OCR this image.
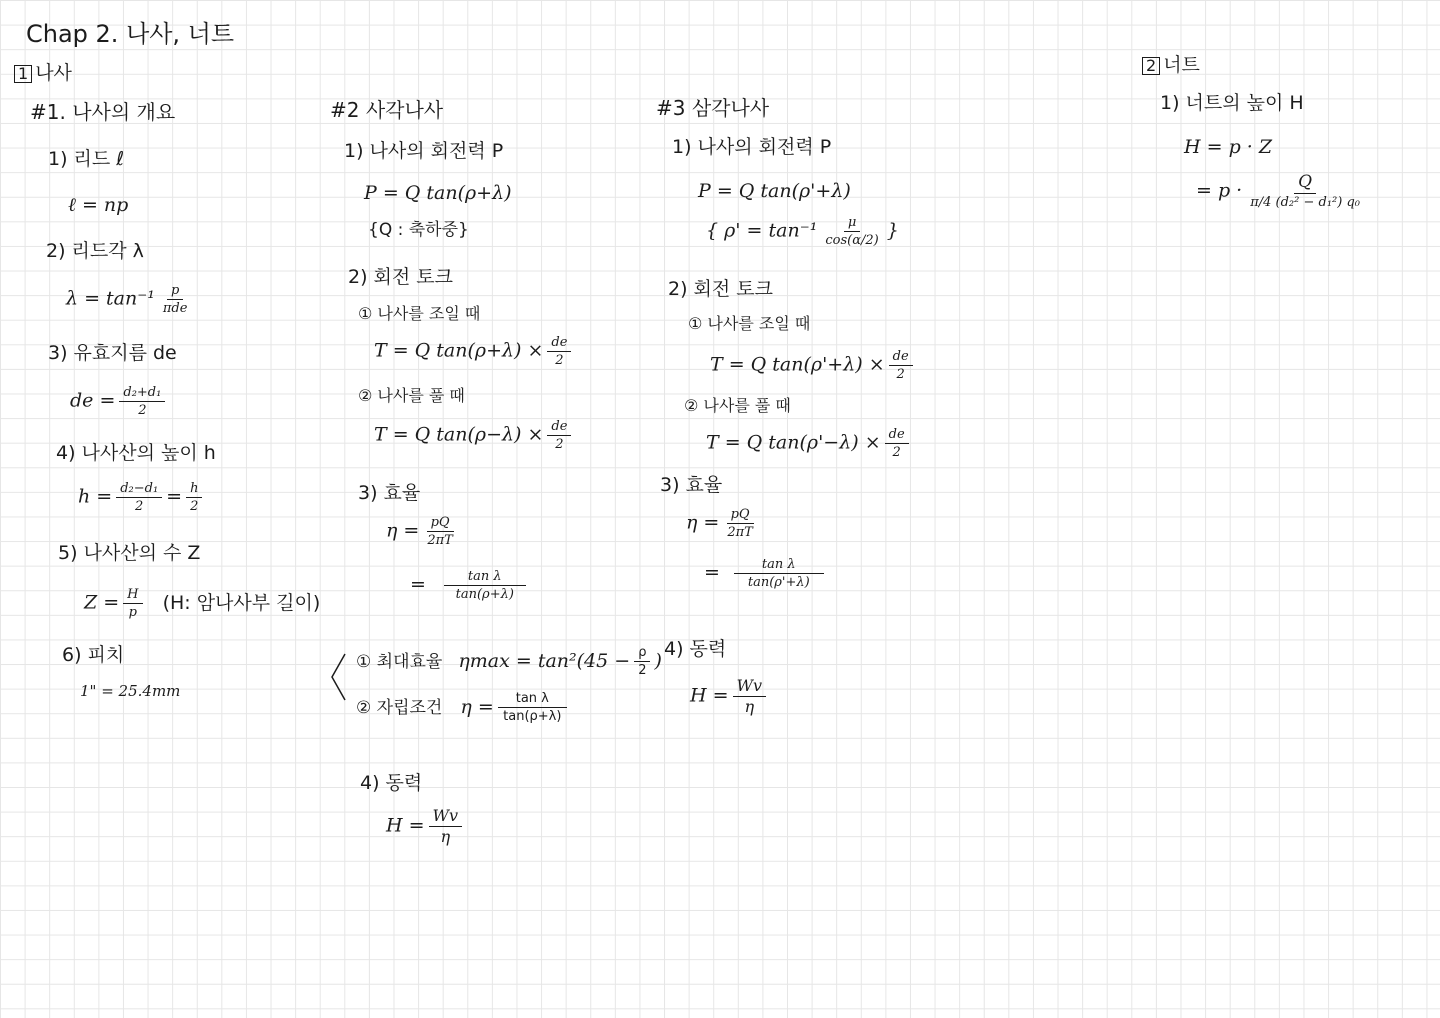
Chap 2. 나사, 너트
1 나사	2 너트
#1. 나사의 개요
1) 리드 ℓ
ℓ = np
2) 리드각 λ
$\lambda = \tan^{-1} \frac{p}{\text{πde}}$
3) 유효지름 de
de = $\frac{\text{d₂+d₁}}{2}$
4) 나사산의 높이 h
$h = \frac{\text{d₂−d₁}}{2} = \frac{h}{2}$
5) 나사산의 수 Z
$Z = \frac{H}{p} (H$: 암나사부 길이)
6) 피치
1" = 25.4mm
#2 사각나사
1) 나사의 회전력 P
P = Q tan(ρ+λ)
{Q : 축하중}
2) 회전 토크
① 나사를 조일 때
T = Q $\tan(\rho+\lambda) \times \frac{de}{2}$
② 나사를 풀 때
T = Q $\tan(\rho-\lambda) \times \frac{de}{2}$
3) 효율
$\eta = \frac{pQ}{2\pi T}$
= $\frac{\text{tan λ}}{\tan(\rho+\lambda)}$
① 최대효율 $\eta\max = \tan^2(45 - \frac{\rho}{2}$ )
② 자립조건 $\eta = \frac{\text{tan λ}}{\tan(\rho+\lambda)}$
4) 동력
$H = \frac{Wv}{\eta}$
#3 삼각나사
1) 나사의 회전력 P
P = Q tan(ρ'+λ)
{ $\rho' = \tan^{-1} \frac{\mu}{\cos(\alpha/2)}$ }
2) 회전 토크
① 나사를 조일 때
T = Q $\tan(\rho'+\lambda) \times \frac{de}{2}$
② 나사를 풀 때
T = Q $\tan(\rho'-\lambda) \times \frac{de}{2}$
3) 효율
$\eta = \frac{pQ}{2\pi T}$
= $\frac{\text{tan λ}}{\tan(\rho'+\lambda)}$
4) 동력
$H = \frac{Wv}{\eta}$
1) 너트의 높이 H
H = p · Z
= $p \cdot \frac{Q}{\text{π/4 (d₂² − d₁²) q₀}}$
